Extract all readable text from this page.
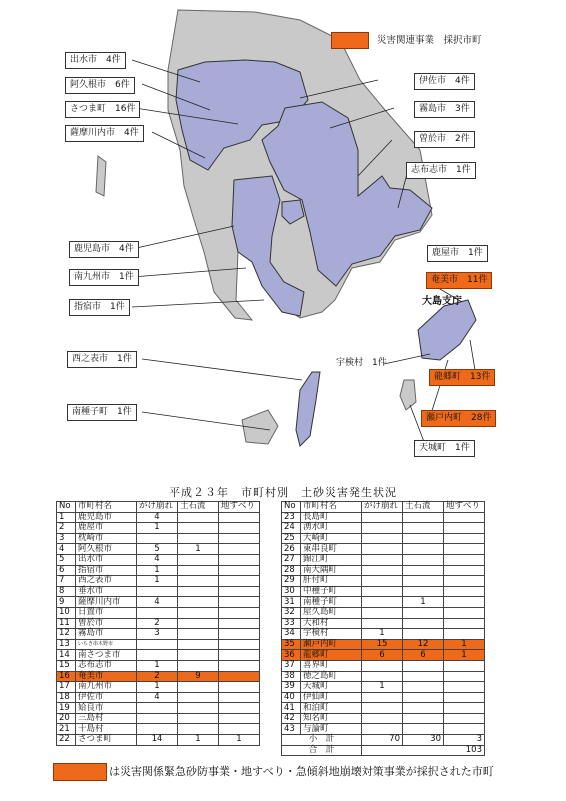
災害関連事業　採択市町
出水市　4件
阿久根市　6件
さつま町　16件
薩摩川内市　4件
伊佐市　4件
霧島市　3件
曽於市　2件
志布志市　1件
鹿屋市　1件
鹿児島市　4件
南九州市　1件
指宿市　1件
奄美市　11件
龍郷町　13件
瀬戸内町　28件
宇検村　1件
天城町　1件
西之表市　1件
南種子町　1件
大島支庁
平成２３年　市町村別　土砂災害発生状況
No	市町村名	がけ崩れ	土石流	地すべり
1	鹿児島市	4		
2	鹿屋市	1		
3	枕崎市			
4	阿久根市	5	1	
5	出水市	4		
6	指宿市	1		
7	西之表市	1		
8	垂水市			
9	薩摩川内市	4		
10	日置市			
11	曽於市	2		
12	霧島市	3		
13	いちき串木野市			
14	南さつま市			
15	志布志市	1		
16	奄美市	2	9	
17	南九州市	1		
18	伊佐市	4		
19	姶良市			
20	三島村			
21	十島村			
22	さつま町	14	1	1
No	市町村名	がけ崩れ	土石流	地すべり
23	長島町			
24	湧水町			
25	大崎町			
26	東串良町			
27	錦江町			
28	南大隅町			
29	肝付町			
30	中種子町			
31	南種子町		1	
32	屋久島町			
33	大和村			
34	宇検村	1		
35	瀬戸内町	15	12	1
36	龍郷町	6	6	1
37	喜界町			
38	徳之島町			
39	天城町	1		
40	伊仙町			
41	和泊町			
42	知名町			
43	与論町			
小　計		70	30	3
合　計		103		
は災害関係緊急砂防事業・地すべり・急傾斜地崩壊対策事業が採択された市町
